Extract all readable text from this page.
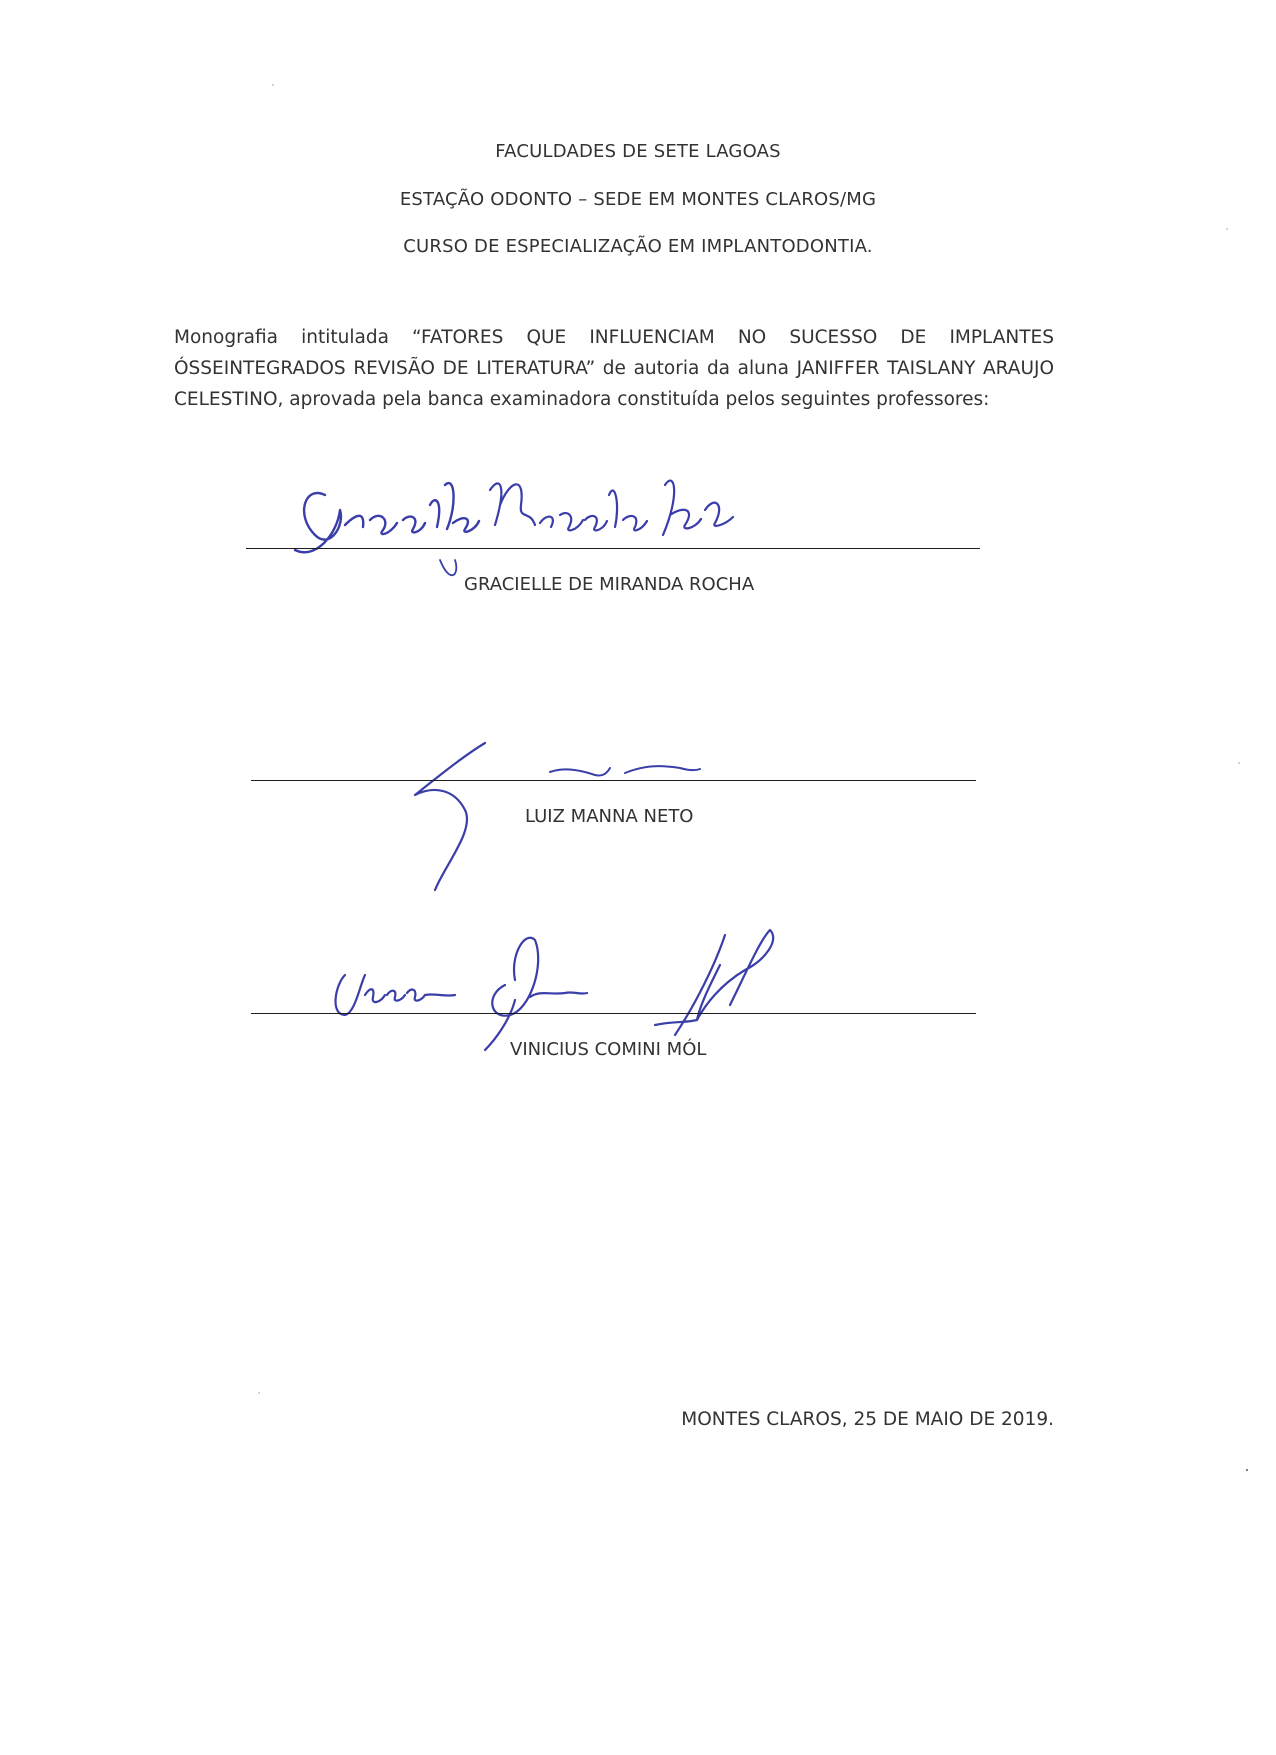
FACULDADES DE SETE LAGOAS
ESTAÇÃO ODONTO – SEDE EM MONTES CLAROS/MG
CURSO DE ESPECIALIZAÇÃO EM IMPLANTODONTIA.
Monografia intitulada “FATORES QUE INFLUENCIAM NO SUCESSO DE IMPLANTES ÓSSEINTEGRADOS REVISÃO DE LITERATURA” de autoria da aluna JANIFFER TAISLANY ARAUJO CELESTINO, aprovada pela banca examinadora constituída pelos seguintes professores:
GRACIELLE DE MIRANDA ROCHA
LUIZ MANNA NETO
VINICIUS COMINI MÓL
MONTES CLAROS, 25 DE MAIO DE 2019.
